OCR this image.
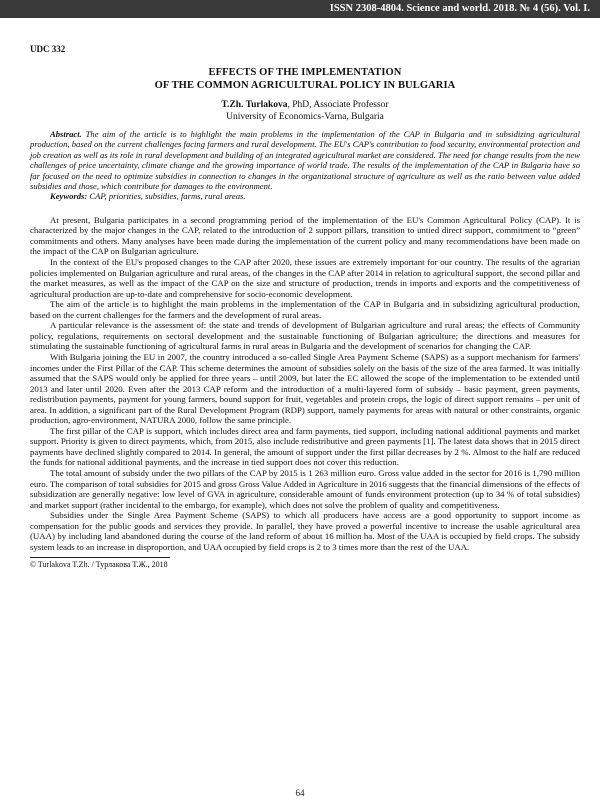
ISSN 2308-4804. Science and world. 2018. № 4 (56). Vol. I.
UDC 332
EFFECTS OF THE IMPLEMENTATION
OF THE COMMON AGRICULTURAL POLICY IN BULGARIA
T.Zh. Turlakova, PhD, Associate Professor
University of Economics-Varna, Bulgaria
Abstract. The aim of the article is to highlight the main problems in the implementation of the CAP in Bulgaria and in subsidizing agricultural production, based on the current challenges facing farmers and rural development. The EU's CAP's contribution to food security, environmental protection and job creation as well as its role in rural development and building of an integrated agricultural market are considered. The need for change results from the new challenges of price uncertainty, climate change and the growing importance of world trade. The results of the implementation of the CAP in Bulgaria have so far focused on the need to optimize subsidies in connection to changes in the organizational structure of agriculture as well as the ratio between value added subsidies and those, which contribute for damages to the environment.
Keywords: CAP, priorities, subsidies, farms, rural areas.

At present, Bulgaria participates in a second programming period of the implementation of the EU's Common Agricultural Policy (CAP). It is characterized by the major changes in the CAP, related to the introduction of 2 support pillars, transition to untied direct support, commitment to “green” commitments and others. Many analyses have been made during the implementation of the current policy and many recommendations have been made on the impact of the CAP on Bulgarian agriculture.

In the context of the EU's proposed changes to the CAP after 2020, these issues are extremely important for our country. The results of the agrarian policies implemented on Bulgarian agriculture and rural areas, of the changes in the CAP after 2014 in relation to agricultural support, the second pillar and the market measures, as well as the impact of the CAP on the size and structure of production, trends in imports and exports and the competitiveness of agricultural production are up-to-date and comprehensive for socio-economic development.

The aim of the article is to highlight the main problems in the implementation of the CAP in Bulgaria and in subsidizing agricultural production, based on the current challenges for the farmers and the development of rural areas.

A particular relevance is the assessment of: the state and trends of development of Bulgarian agriculture and rural areas; the effects of Community policy, regulations, requirements on sectoral development and the sustainable functioning of Bulgarian agriculture; the directions and measures for stimulating the sustainable functioning of agricultural farms in rural areas in Bulgaria and the development of scenarios for changing the CAP.

With Bulgaria joining the EU in 2007, the country introduced a so-called Single Area Payment Scheme (SAPS) as a support mechanism for farmers' incomes under the First Pillar of the CAP. This scheme determines the amount of subsidies solely on the basis of the size of the area farmed. It was initially assumed that the SAPS would only be applied for three years – until 2009, but later the EC allowed the scope of the implementation to be extended until 2013 and later until 2020. Even after the 2013 CAP reform and the introduction of a multi-layered form of subsidy – basic payment, green payments, redistribution payments, payment for young farmers, bound support for fruit, vegetables and protein crops, the logic of direct support remains – per unit of area. In addition, a significant part of the Rural Development Program (RDP) support, namely payments for areas with natural or other constraints, organic production, agro-environment, NATURA 2000, follow the same principle.

The first pillar of the CAP is support, which includes direct area and farm payments, tied support, including national additional payments and market support. Priority is given to direct payments, which, from 2015, also include redistributive and green payments [1]. The latest data shows that in 2015 direct payments have declined slightly compared to 2014. In general, the amount of support under the first pillar decreases by 2 %. Almost to the half are reduced the funds for national additional payments, and the increase in tied support does not cover this reduction.

The total amount of subsidy under the two pillars of the CAP by 2015 is 1 263 million euro. Gross value added in the sector for 2016 is 1,790 million euro. The comparison of total subsidies for 2015 and gross Gross Value Added in Agriculture in 2016 suggests that the financial dimensions of the effects of subsidization are generally negative: low level of GVA in agriculture, considerable amount of funds environment protection (up to 34 % of total subsidies) and market support (rather incidental to the embargo, for example), which does not solve the problem of quality and competitiveness.

Subsidies under the Single Area Payment Scheme (SAPS) to which all producers have access are a good opportunity to support income as compensation for the public goods and services they provide. In parallel, they have proved a powerful incentive to increase the usable agricultural area (UAA) by including land abandoned during the course of the land reform of about 16 million ha. Most of the UAA is occupied by field crops. The subsidy system leads to an increase in disproportion, and UAA occupied by field crops is 2 to 3 times more than the rest of the UAA.

© Turlakova T.Zh. / Турлакова Т.Ж., 2018
64
